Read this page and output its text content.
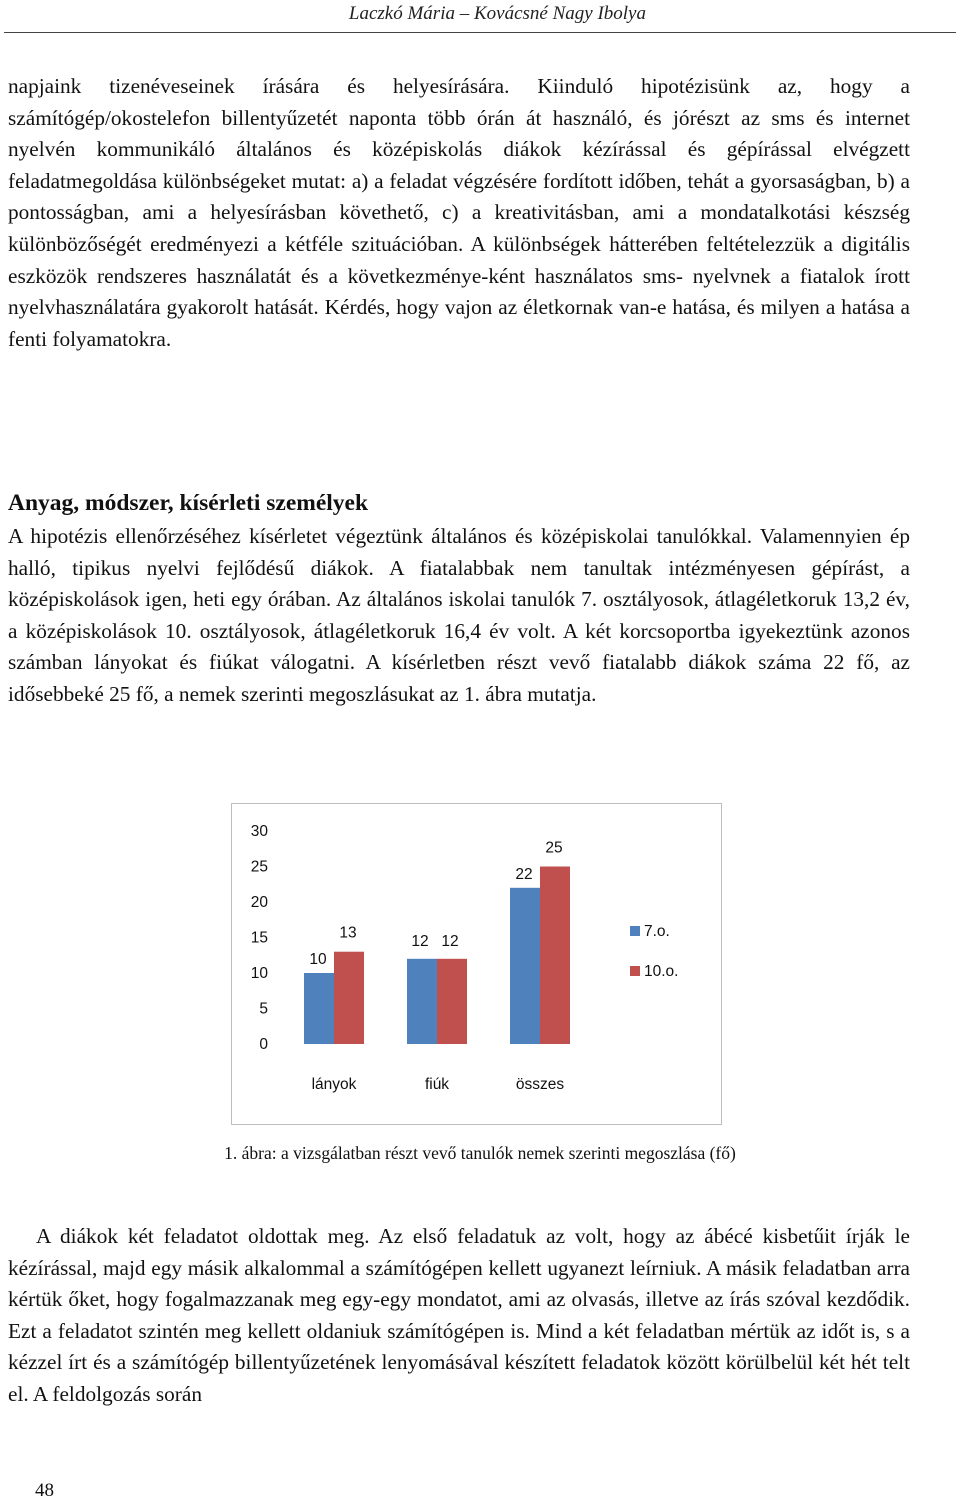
Laczkó Mária – Kovácsné Nagy Ibolya

napjaink tizenéveseinek írására és helyesírására. Kiinduló hipotézisünk az, hogy a számítógép/okostelefon billentyűzetét naponta több órán át használó, és jórészt az sms és internet nyelvén kommunikáló általános és középiskolás diákok kézírással és gépírással elvégzett feladatmegoldása különbségeket mutat: a) a feladat végzésére fordított időben, tehát a gyorsaságban, b) a pontosságban, ami a helyesírásban követhető, c) a kreativitásban, ami a mondatalkotási készség különbözőségét eredményezi a kétféle szituációban. A különbségek hátterében feltételezzük a digitális eszközök rendszeres használatát és a következménye-ként használatos sms- nyelvnek a fiatalok írott nyelvhasználatára gyakorolt hatását. Kérdés, hogy vajon az életkornak van-e hatása, és milyen a hatása a fenti folyamatokra.

Anyag, módszer, kísérleti személyek

A hipotézis ellenőrzéséhez kísérletet végeztünk általános és középiskolai tanulókkal. Valamennyien ép halló, tipikus nyelvi fejlődésű diákok. A fiatalabbak nem tanultak intézményesen gépírást, a középiskolások igen, heti egy órában. Az általános iskolai tanulók 7. osztályosok, átlagéletkoruk 13,2 év, a középiskolások 10. osztályosok, átlagéletkoruk 16,4 év volt. A két korcsoportba igyekeztünk azonos számban lányokat és fiúkat válogatni. A kísérletben részt vevő fiatalabb diákok száma 22 fő, az idősebbeké 25 fő, a nemek szerinti megoszlásukat az 1. ábra mutatja.

0
5
10
15
20
25
30
10
13
lányok
12 12
fiúk
22
25
összes
7.o.
10.o.

1. ábra: a vizsgálatban részt vevő tanulók nemek szerinti megoszlása (fő)

A diákok két feladatot oldottak meg. Az első feladatuk az volt, hogy az ábécé kisbetűit írják le kézírással, majd egy másik alkalommal a számítógépen kellett ugyanezt leírniuk. A másik feladatban arra kértük őket, hogy fogalmazzanak meg egy-egy mondatot, ami az olvasás, illetve az írás szóval kezdődik. Ezt a feladatot szintén meg kellett oldaniuk számítógépen is. Mind a két feladatban mértük az időt is, s a kézzel írt és a számítógép billentyűzetének lenyomásával készített feladatok között körülbelül két hét telt el. A feldolgozás során

48
